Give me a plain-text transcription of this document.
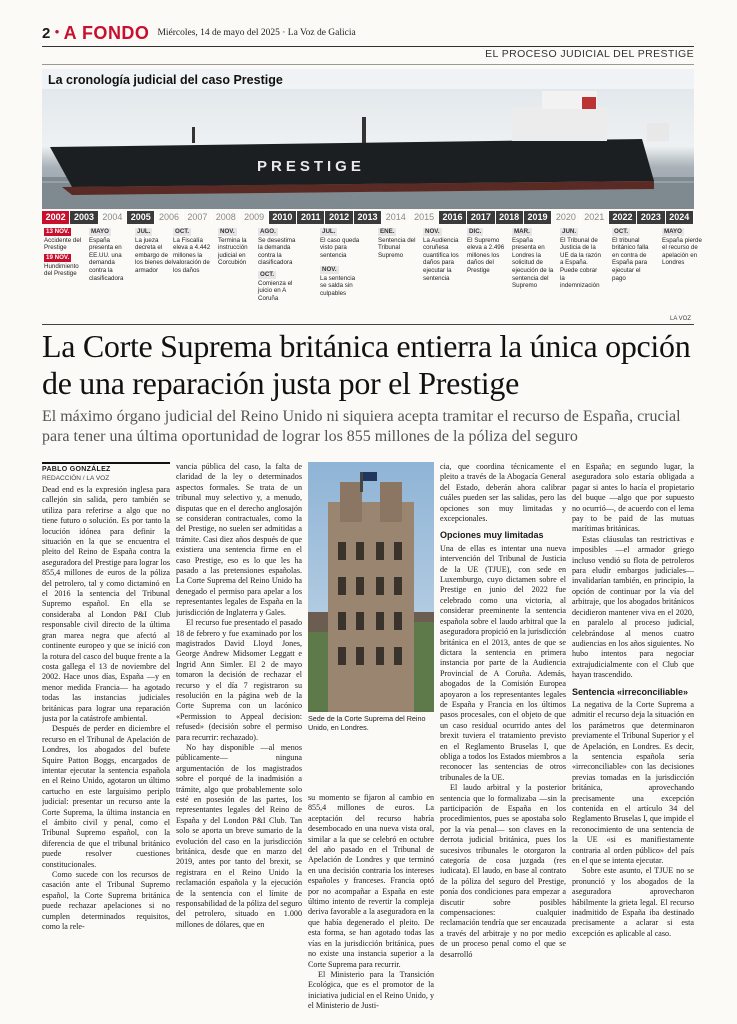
2 • A FONDO Miércoles, 14 de mayo del 2025 · La Voz de Galicia
EL PROCESO JUDICIAL DEL PRESTIGE
PRESTIGE
La cronología judicial del caso Prestige
2002 2003 2004 2005 2006 2007 2008 2009 2010 2011 2012 2013 2014 2015 2016 2017 2018 2019 2020 2021 2022 2023 2024
13 NOV.
Accidente del Prestige
19 NOV.
Hundimiento del Prestige
MAYO
España presenta en EE.UU. una demanda contra la clasificadora
JUL.
La jueza decreta el embargo de los bienes del armador
OCT.
La Fiscalía eleva a 4.442 millones la valoración de los daños
NOV.
Termina la instrucción judicial en Corcubión
AGO.
Se desestima la demanda contra la clasificadora
OCT.
Comienza el juicio en A Coruña
JUL.
El caso queda visto para sentencia
NOV.
La sentencia se salda sin culpables
ENE.
Sentencia del Tribunal Supremo
NOV.
La Audiencia coruñesa cuantifica los daños para ejecutar la sentencia
DIC.
El Supremo eleva a 2.496 millones los daños del Prestige
MAR.
España presenta en Londres la solicitud de ejecución de la sentencia del Supremo
JUN.
El Tribunal de Justicia de la UE da la razón a España. Puede cobrar la indemnización
OCT.
El tribunal británico falla en contra de España para ejecutar el pago
MAYO
España pierde el recurso de apelación en Londres
LA VOZ
La Corte Suprema británica entierra la única opción de una reparación justa por el Prestige
El máximo órgano judicial del Reino Unido ni siquiera acepta tramitar el recurso de España, crucial para tener una última oportunidad de lograr los 855 millones de la póliza del seguro
PABLO GONZÁLEZ
REDACCIÓN / LA VOZ

Dead end es la expresión inglesa para callejón sin salida, pero también se utiliza para referirse a algo que no tiene futuro o solución. Es por tanto la locución idónea para definir la situación en la que se encuentra el pleito del Reino de España contra la aseguradora del Prestige para lograr los 855,4 millones de euros de la póliza del petrolero, tal y como dictaminó en el 2016 la sentencia del Tribunal Supremo español. En ella se consideraba al London P&I Club responsable civil directo de la última gran marea negra que afectó al continente europeo y que se inició con la rotura del casco del buque frente a la costa gallega el 13 de noviembre del 2002. Hace unos días, España —y en menor medida Francia— ha agotado todas las instancias judiciales británicas para lograr una reparación justa por la catástrofe ambiental.

Después de perder en diciembre el recurso en el Tribunal de Apelación de Londres, los abogados del bufete Squire Patton Boggs, encargados de intentar ejecutar la sentencia española en el Reino Unido, agotaron un último cartucho en este larguísimo periplo judicial: presentar un recurso ante la Corte Suprema, la última instancia en el ámbito civil y penal, como el Tribunal Supremo español, con la diferencia de que el tribunal británico puede resolver cuestiones constitucionales.

Como sucede con los recursos de casación ante el Tribunal Supremo español, la Corte Suprema británica puede rechazar apelaciones si no cumplen determinados requisitos, como la rele-

vancia pública del caso, la falta de claridad de la ley o determinados aspectos formales. Se trata de un tribunal muy selectivo y, a menudo, disputas que en el derecho anglosajón se consideran contractuales, como la del Prestige, no suelen ser admitidas a trámite. Casi diez años después de que existiera una sentencia firme en el caso Prestige, eso es lo que les ha pasado a las pretensiones españolas. La Corte Suprema del Reino Unido ha denegado el permiso para apelar a los representantes legales de España en la jurisdicción de Inglaterra y Gales.

El recurso fue presentado el pasado 18 de febrero y fue examinado por los magistrados David Lloyd Jones, George Andrew Midsomer Leggatt e Ingrid Ann Simler. El 2 de mayo tomaron la decisión de rechazar el recurso y el día 7 registraron su resolución en la página web de la Corte Suprema con un lacónico «Permission to Appeal decision: refused» (decisión sobre el permiso para recurrir: rechazado).

No hay disponible —al menos públicamente— ninguna argumentación de los magistrados sobre el porqué de la inadmisión a trámite, algo que probablemente solo esté en posesión de las partes, los representantes legales del Reino de España y del London P&I Club. Tan solo se aporta un breve sumario de la evolución del caso en la jurisdicción británica, desde que en marzo del 2019, antes por tanto del brexit, se registrara en el Reino Unido la reclamación española y la ejecución de la sentencia con el límite de responsabilidad de la póliza del seguro del petrolero, situado en 1.000 millones de dólares, que en

Sede de la Corte Suprema del Reino Unido, en Londres.

su momento se fijaron al cambio en 855,4 millones de euros. La aceptación del recurso habría desembocado en una nueva vista oral, similar a la que se celebró en octubre del año pasado en el Tribunal de Apelación de Londres y que terminó en una decisión contraria los intereses españoles y franceses. Francia optó por no acompañar a España en este último intento de revertir la compleja deriva favorable a la aseguradora en la que había degenerado el pleito. De esta forma, se han agotado todas las vías en la jurisdicción británica, pues no existe una instancia superior a la Corte Suprema para recurrir.

El Ministerio para la Transición Ecológica, que es el promotor de la iniciativa judicial en el Reino Unido, y el Ministerio de Justi-

cia, que coordina técnicamente el pleito a través de la Abogacía General del Estado, deberán ahora calibrar cuáles pueden ser las salidas, pero las opciones son muy limitadas y excepcionales.

Opciones muy limitadas

Una de ellas es intentar una nueva intervención del Tribunal de Justicia de la UE (TJUE), con sede en Luxemburgo, cuyo dictamen sobre el Prestige en junio del 2022 fue celebrado como una victoria, al considerar preeminente la sentencia española sobre el laudo arbitral que la aseguradora propició en la jurisdicción británica en el 2013, antes de que se dictara la sentencia en primera instancia por parte de la Audiencia Provincial de A Coruña. Además, abogados de la Comisión Europea apoyaron a los representantes legales de España y Francia en los últimos pasos procesales, con el objeto de que un caso residual ocurrido antes del brexit tuviera el tratamiento previsto en el Reglamento Bruselas I, que obliga a todos los Estados miembros a reconocer las sentencias de otros tribunales de la UE.

El laudo arbitral y la posterior sentencia que lo formalizaba —sin la participación de España en los procedimientos, pues se apostaba solo por la vía penal— son claves en la derrota judicial británica, pues los sucesivos tribunales le otorgaron la categoría de cosa juzgada (res iudicata). El laudo, en base al contrato de la póliza del seguro del Prestige, ponía dos condiciones para empezar a discutir sobre posibles compensaciones: cualquier reclamación tendría que ser encauzada a través del arbitraje y no por medio de un proceso penal como el que se desarrolló

en España; en segundo lugar, la aseguradora solo estaría obligada a pagar si antes lo hacía el propietario del buque —algo que por supuesto no ocurrió—, de acuerdo con el lema pay to be paid de las mutuas marítimas británicas.

Estas cláusulas tan restrictivas e imposibles —el armador griego incluso vendió su flota de petroleros para eludir embargos judiciales— invalidarían también, en principio, la opción de continuar por la vía del arbitraje, que los abogados británicos decidieron mantener viva en el 2020, en paralelo al proceso judicial, celebrándose al menos cuatro audiencias en los años siguientes. No hubo intentos para negociar extrajudicialmente con el Club que hayan trascendido.

Sentencia «irreconciliable»

La negativa de la Corte Suprema a admitir el recurso deja la situación en los parámetros que determinaron previamente el Tribunal Superior y el de Apelación, en Londres. Es decir, la sentencia española sería «irreconciliable» con las decisiones previas tomadas en la jurisdicción británica, aprovechando precisamente una excepción contenida en el artículo 34 del Reglamento Bruselas I, que impide el reconocimiento de una sentencia de la UE «si es manifiestamente contraria al orden público» del país en el que se intenta ejecutar.

Sobre este asunto, el TJUE no se pronunció y los abogados de la aseguradora aprovecharon hábilmente la grieta legal. El recurso inadmitido de España iba destinado precisamente a aclarar si esta excepción es aplicable al caso.
